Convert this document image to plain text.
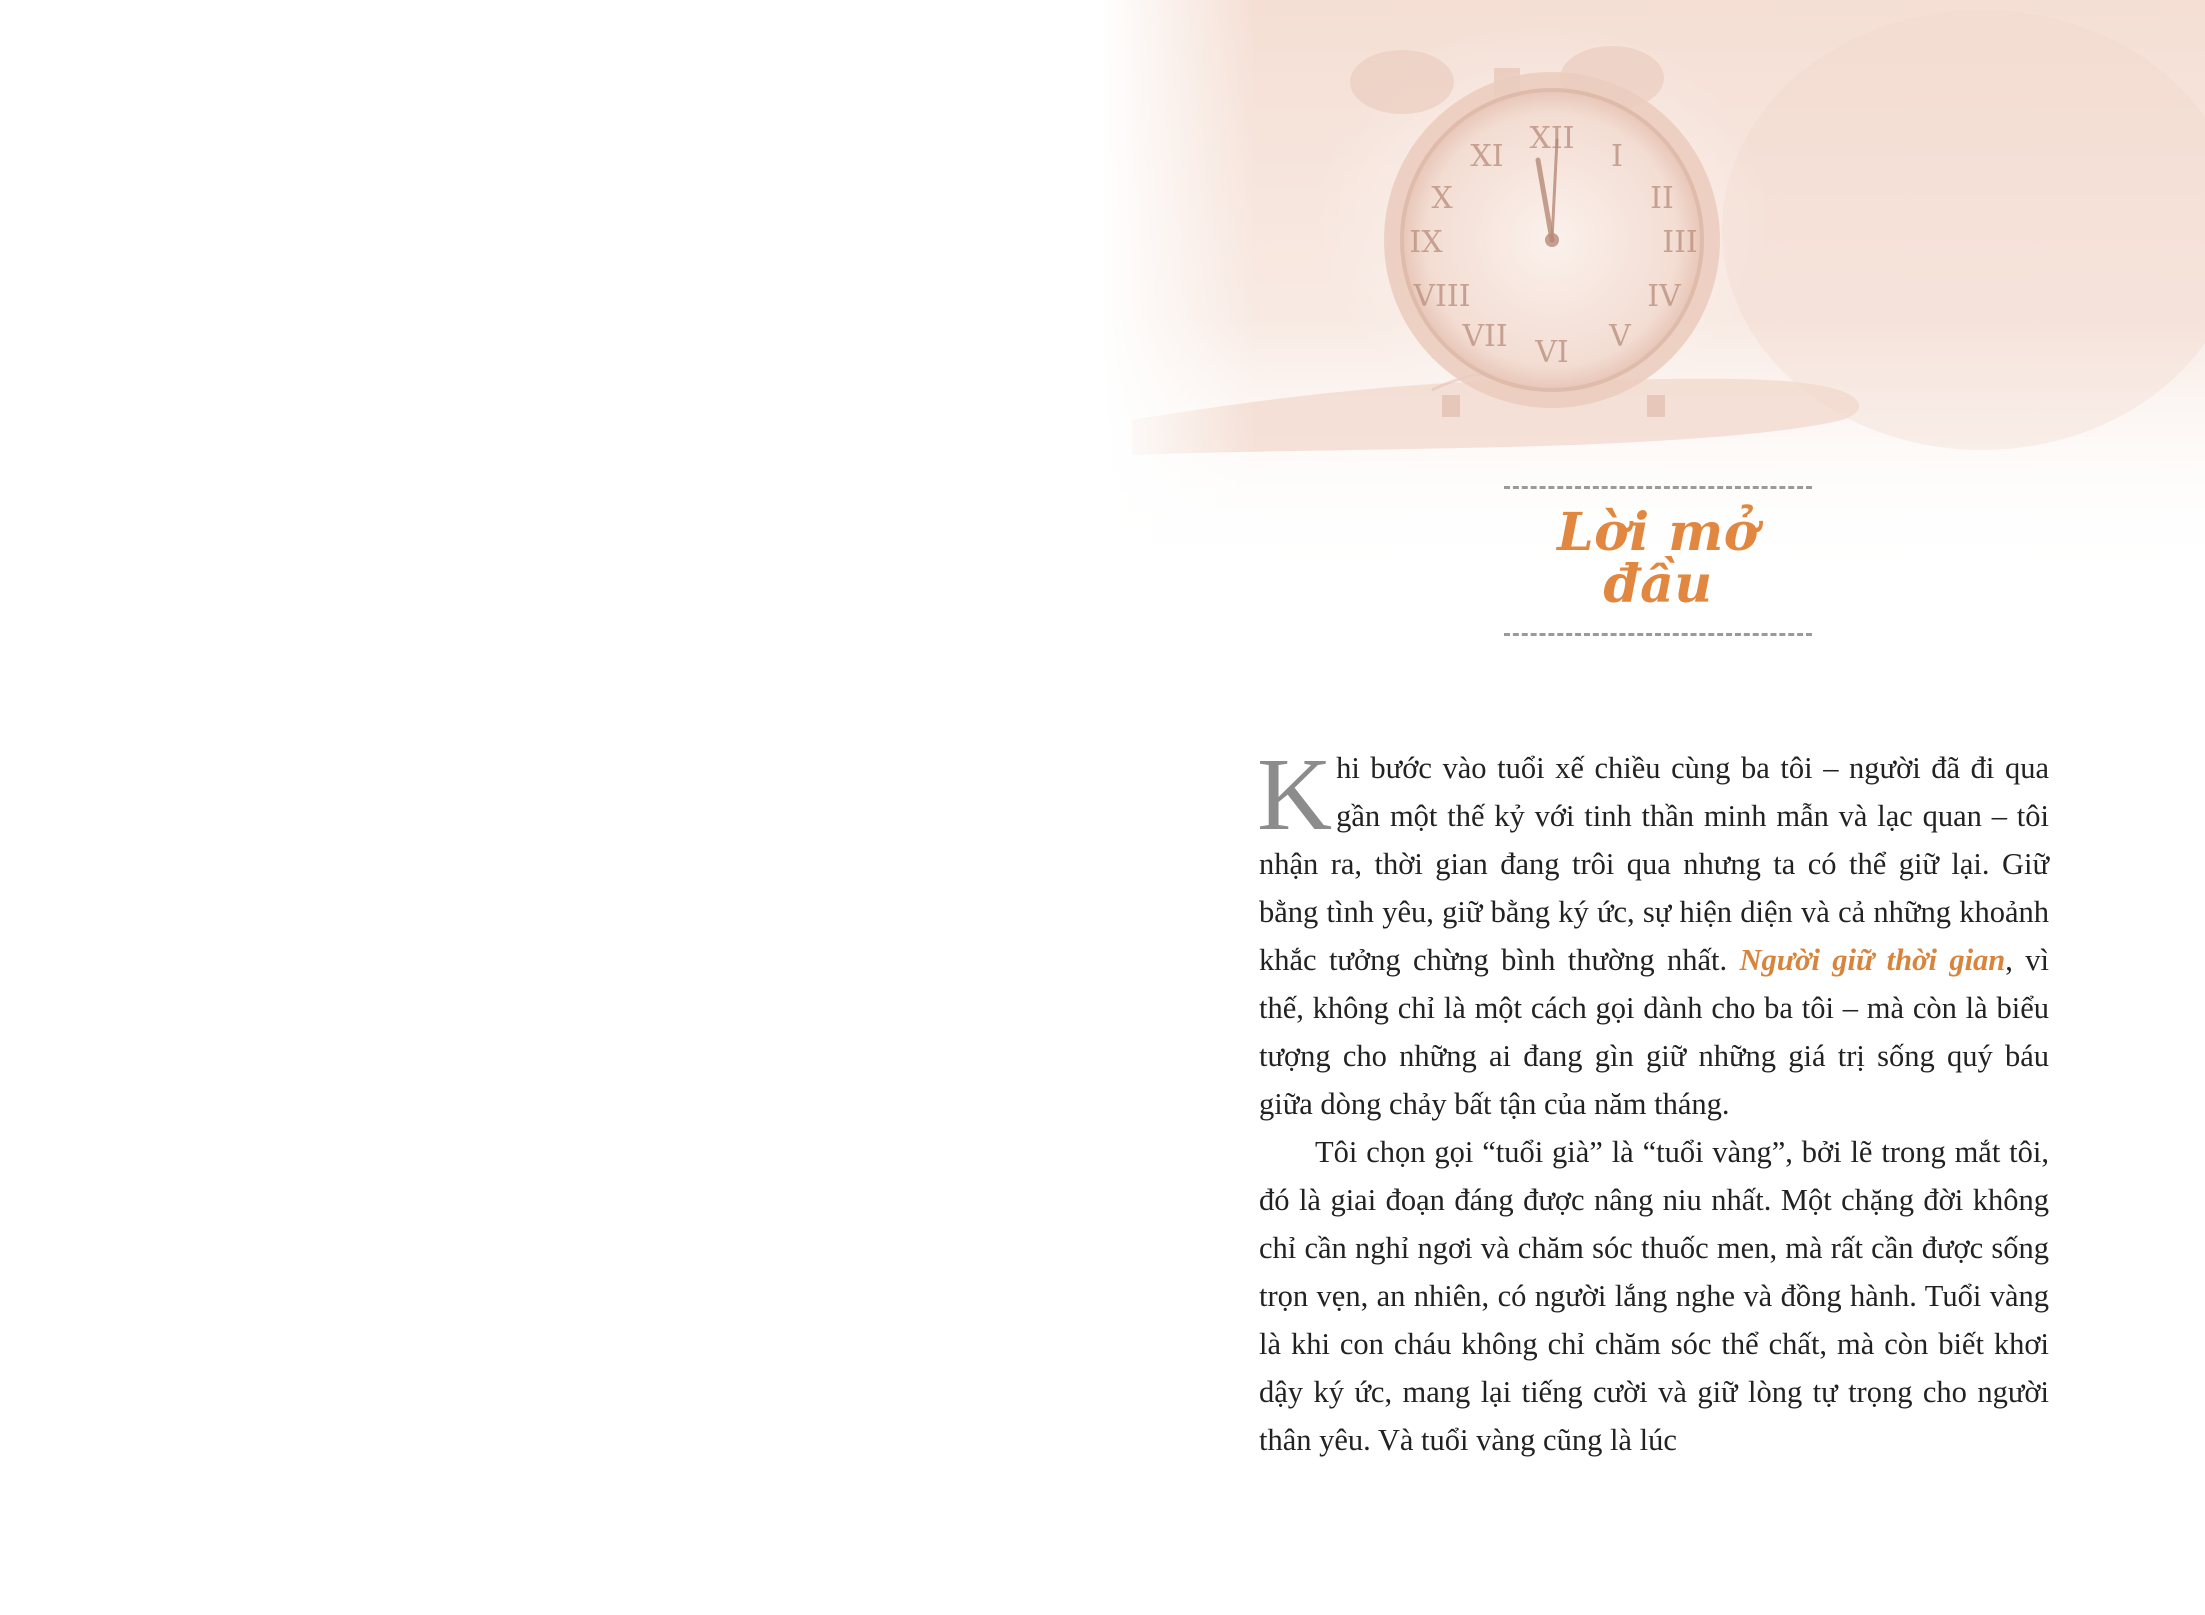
Lời mở đầu

Khi bước vào tuổi xế chiều cùng ba tôi – người đã đi qua gần một thế kỷ với tinh thần minh mẫn và lạc quan – tôi nhận ra, thời gian đang trôi qua nhưng ta có thể giữ lại. Giữ bằng tình yêu, giữ bằng ký ức, sự hiện diện và cả những khoảnh khắc tưởng chừng bình thường nhất. Người giữ thời gian, vì thế, không chỉ là một cách gọi dành cho ba tôi – mà còn là biểu tượng cho những ai đang gìn giữ những giá trị sống quý báu giữa dòng chảy bất tận của năm tháng.

Tôi chọn gọi “tuổi già” là “tuổi vàng”, bởi lẽ trong mắt tôi, đó là giai đoạn đáng được nâng niu nhất. Một chặng đời không chỉ cần nghỉ ngơi và chăm sóc thuốc men, mà rất cần được sống trọn vẹn, an nhiên, có người lắng nghe và đồng hành. Tuổi vàng là khi con cháu không chỉ chăm sóc thể chất, mà còn biết khơi dậy ký ức, mang lại tiếng cười và giữ lòng tự trọng cho người thân yêu. Và tuổi vàng cũng là lúc
